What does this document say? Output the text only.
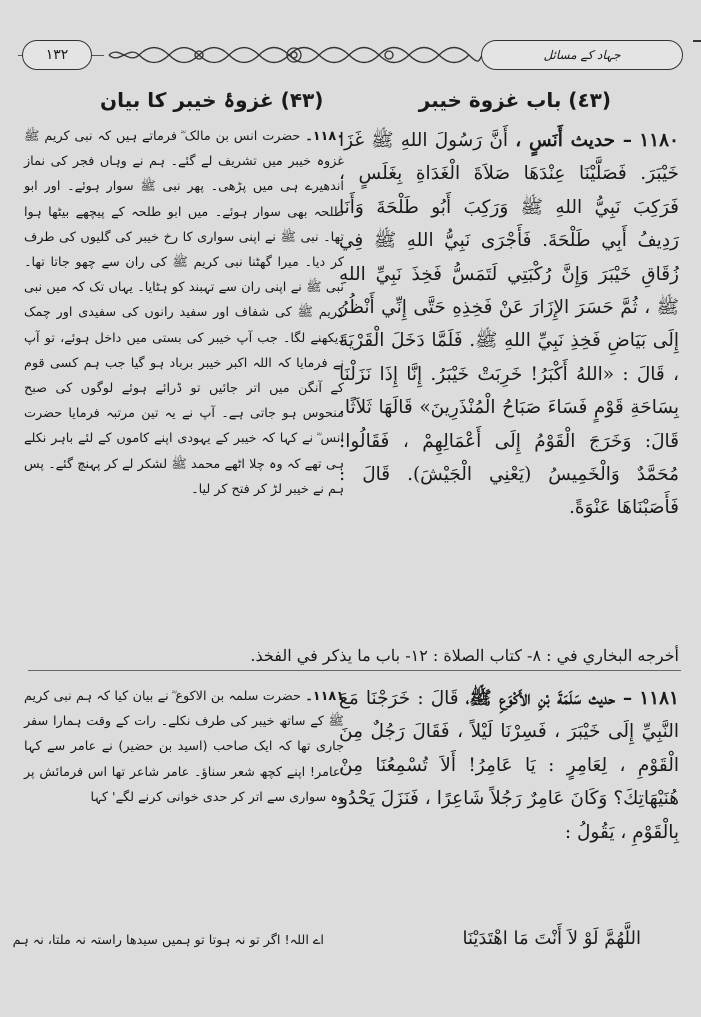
۱۳۲	جہاد کے مسائل
(٤٣) باب غزوة خيبر
(۴۳) غزوۂ خیبر کا بیان

١١٨٠ – حديث أَنَسٍ ، أَنَّ رَسُولَ اللهِ ﷺ غَزَا خَيْبَرَ. فَصَلَّيْنَا عِنْدَهَا صَلاَةَ الْغَدَاةِ بِغَلَسٍ ، فَرَكِبَ نَبِيُّ اللهِ ﷺ وَرَكِبَ أَبُو طَلْحَةَ وَأَنَا رَدِيفُ أَبِي طَلْحَةَ. فَأَجْرَى نَبِيُّ اللهِ ﷺ فِي زُقَاقِ خَيْبَرَ وَإِنَّ رُكْبَتِي لَتَمَسُّ فَخِذَ نَبِيِّ اللهِ ﷺ ، ثُمَّ حَسَرَ الإِزَارَ عَنْ فَخِذِهِ حَتَّى إِنِّي أَنْظُرُ إِلَى بَيَاضِ فَخِذِ نَبِيِّ اللهِ ﷺ. فَلَمَّا دَخَلَ الْقَرْيَةَ ، قَالَ : «اللهُ أَكْبَرُ! خَرِبَتْ خَيْبَرُ. إِنَّا إِذَا نَزَلْنَا بِسَاحَةِ قَوْمٍ فَسَاءَ صَبَاحُ الْمُنْذَرِينَ» قَالَهَا ثَلاَثًا. قَالَ: وَخَرَجَ الْقَوْمُ إِلَى أَعْمَالِهِمْ ، فَقَالُوا: مُحَمَّدٌ وَالْخَمِيسُ (يَعْنِي الْجَيْشَ). قَالَ : فَأَصَبْنَاهَا عَنْوَةً.

۱۱۸۰۔ حضرت انس بن مالک ؓ فرماتے ہیں کہ نبی کریم ﷺ غزوہ خیبر میں تشریف لے گئے۔ ہم نے وہاں فجر کی نماز اندھیرے ہی میں پڑھی۔ پھر نبی ﷺ سوار ہوئے۔ اور ابو طلحہ بھی سوار ہوئے۔ میں ابو طلحہ کے پیچھے بیٹھا ہوا تھا۔ نبی ﷺ نے اپنی سواری کا رخ خیبر کی گلیوں کی طرف کر دیا۔ میرا گھٹنا نبی کریم ﷺ کی ران سے چھو جاتا تھا۔ نبی ﷺ نے اپنی ران سے تہبند کو ہٹایا۔ یہاں تک کہ میں نبی کریم ﷺ کی شفاف اور سفید رانوں کی سفیدی اور چمک دیکھنے لگا۔ جب آپ خیبر کی بستی میں داخل ہوئے، تو آپ نے فرمایا کہ اللہ اکبر خیبر برباد ہو گیا جب ہم کسی قوم کے آنگن میں اتر جائیں تو ڈرائے ہوئے لوگوں کی صبح منحوس ہو جاتی ہے۔ آپ نے یہ تین مرتبہ فرمایا حضرت انس ؓ نے کہا کہ خیبر کے یہودی اپنے کاموں کے لئے باہر نکلے ہی تھے کہ وہ چلا اٹھے محمد ﷺ لشکر لے کر پہنچ گئے۔ پس ہم نے خیبر لڑ کر فتح کر لیا۔

أخرجه البخاري في : ٨- كتاب الصلاة : ١٢- باب ما يذكر في الفخذ.

١١٨١ – حديث سَلَمَةَ بْنِ الأَكْوَعِ ﷺ، قَالَ : خَرَجْنَا مَعَ النَّبِيِّ إِلَى خَيْبَرَ ، فَسِرْنَا لَيْلاً ، فَقَالَ رَجُلٌ مِنَ الْقَوْمِ ، لِعَامِرٍ : يَا عَامِرُ! أَلاَ تُسْمِعُنَا مِنْ هُنَيْهَاتِكَ؟ وَكَانَ عَامِرٌ رَجُلاً شَاعِرًا ، فَنَزَلَ يَحْدُو بِالْقَوْمِ ، يَقُولُ :

۱۱۸۱۔ حضرت سلمہ بن الاکوع ؓ نے بیان کیا کہ ہم نبی کریم ﷺ کے ساتھ خیبر کی طرف نکلے۔ رات کے وقت ہمارا سفر جاری تھا کہ ایک صاحب (اسید بن حضیر) نے عامر سے کہا 'عامر! اپنے کچھ شعر سناؤ۔ عامر شاعر تھا اس فرمائش پر وہ سواری سے اتر کر حدی خوانی کرنے لگے' کہا

اللَّهُمَّ لَوْ لاَ أَنْتَ مَا اهْتَدَيْنَا
اے اللہ! اگر تو نہ ہوتا تو ہمیں سیدھا راستہ نہ ملتا، نہ ہم
